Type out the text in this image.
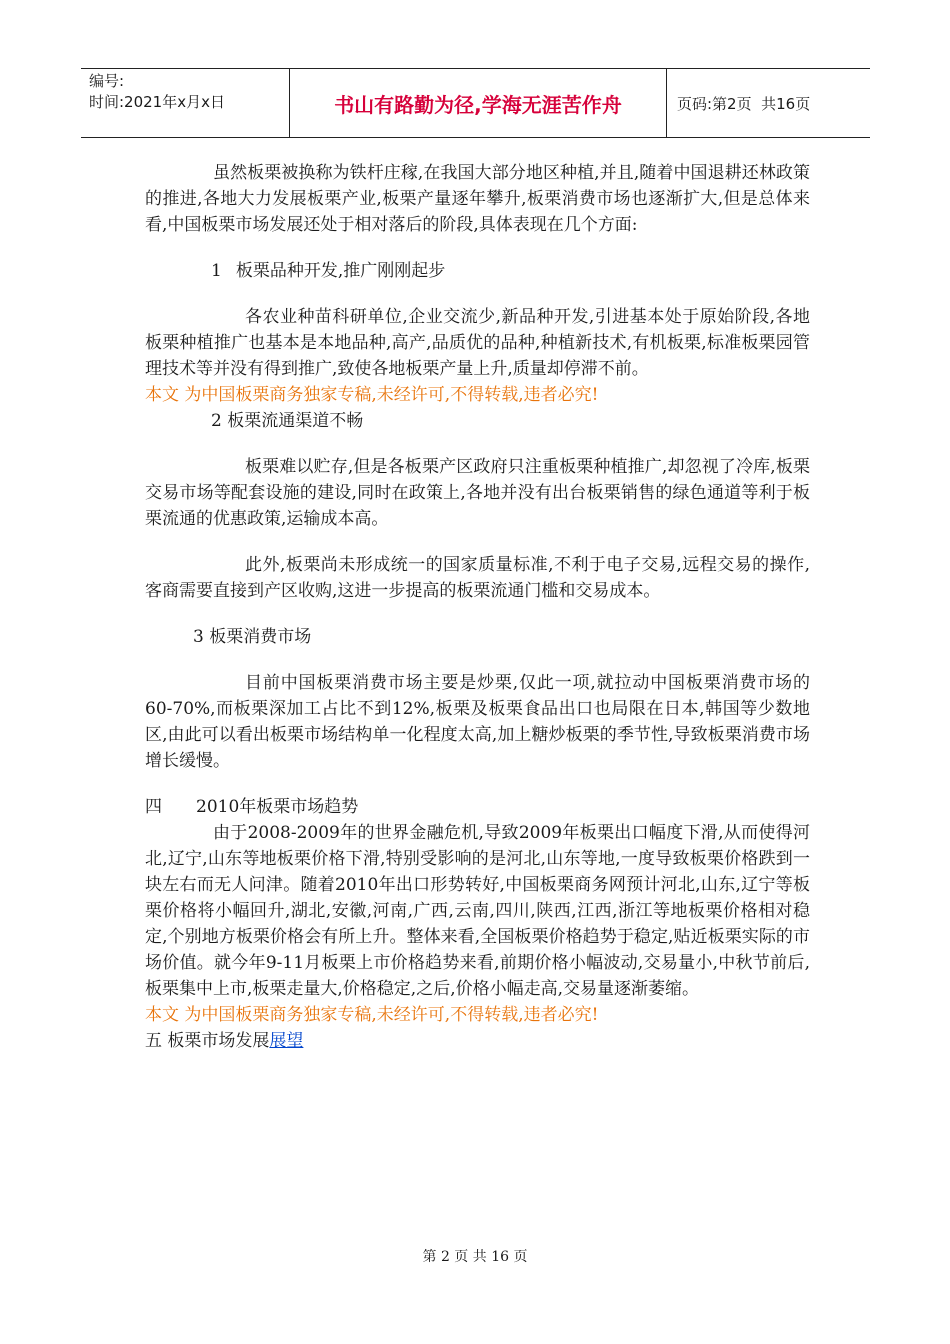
编号:
时间:2021年x月x日	书山有路勤为径,学海无涯苦作舟	页码:第2页  共16页

虽然板栗被换称为铁杆庄稼,在我国大部分地区种植,并且,随着中国退耕还林政策的推进,各地大力发展板栗产业,板栗产量逐年攀升,板栗消费市场也逐渐扩大,但是总体来看,中国板栗市场发展还处于相对落后的阶段,具体表现在几个方面:

1 板栗品种开发,推广刚刚起步

各农业种苗科研单位,企业交流少,新品种开发,引进基本处于原始阶段,各地板栗种植推广也基本是本地品种,高产,品质优的品种,种植新技术,有机板栗,标准板栗园管理技术等并没有得到推广,致使各地板栗产量上升,质量却停滞不前。

本文 为中国板栗商务独家专稿,未经许可,不得转载,违者必究!

2 板栗流通渠道不畅

板栗难以贮存,但是各板栗产区政府只注重板栗种植推广,却忽视了冷库,板栗交易市场等配套设施的建设,同时在政策上,各地并没有出台板栗销售的绿色通道等利于板栗流通的优惠政策,运输成本高。

此外,板栗尚未形成统一的国家质量标准,不利于电子交易,远程交易的操作,客商需要直接到产区收购,这进一步提高的板栗流通门槛和交易成本。

3 板栗消费市场

目前中国板栗消费市场主要是炒栗,仅此一项,就拉动中国板栗消费市场的60-70%,而板栗深加工占比不到12%,板栗及板栗食品出口也局限在日本,韩国等少数地区,由此可以看出板栗市场结构单一化程度太高,加上糖炒板栗的季节性,导致板栗消费市场增长缓慢。

四 2010年板栗市场趋势

由于2008-2009年的世界金融危机,导致2009年板栗出口幅度下滑,从而使得河北,辽宁,山东等地板栗价格下滑,特别受影响的是河北,山东等地,一度导致板栗价格跌到一块左右而无人问津。随着2010年出口形势转好,中国板栗商务网预计河北,山东,辽宁等板栗价格将小幅回升,湖北,安徽,河南,广西,云南,四川,陕西,江西,浙江等地板栗价格相对稳定,个别地方板栗价格会有所上升。整体来看,全国板栗价格趋势于稳定,贴近板栗实际的市场价值。就今年9-11月板栗上市价格趋势来看,前期价格小幅波动,交易量小,中秋节前后,板栗集中上市,板栗走量大,价格稳定,之后,价格小幅走高,交易量逐渐萎缩。

本文 为中国板栗商务独家专稿,未经许可,不得转载,违者必究!

五 板栗市场发展展望

第 2 页 共 16 页
